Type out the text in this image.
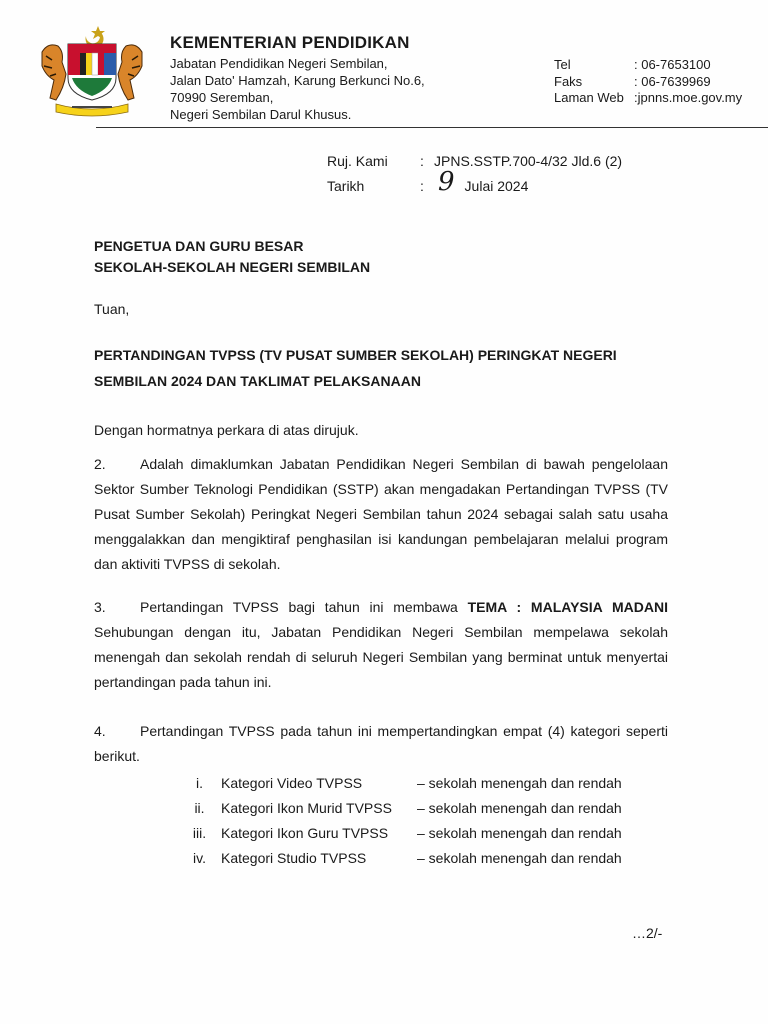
KEMENTERIAN PENDIDIKAN
Jabatan Pendidikan Negeri Sembilan,
Jalan Dato' Hamzah, Karung Berkunci No.6,
70990 Seremban,
Negeri Sembilan Darul Khusus.
Tel	: 06-7653100
Faks	: 06-7639969
Laman Web :jpnns.moe.gov.my
Ruj. Kami	: JPNS.SSTP.700-4/32 Jld.6 (2)
Tarikh	: 9 Julai 2024
PENGETUA DAN GURU BESAR
SEKOLAH-SEKOLAH NEGERI SEMBILAN
Tuan,
PERTANDINGAN TVPSS (TV PUSAT SUMBER SEKOLAH) PERINGKAT NEGERI SEMBILAN 2024 DAN TAKLIMAT PELAKSANAAN
Dengan hormatnya perkara di atas dirujuk.
2. Adalah dimaklumkan Jabatan Pendidikan Negeri Sembilan di bawah pengelolaan Sektor Sumber Teknologi Pendidikan (SSTP) akan mengadakan Pertandingan TVPSS (TV Pusat Sumber Sekolah) Peringkat Negeri Sembilan tahun 2024 sebagai salah satu usaha menggalakkan dan mengiktiraf penghasilan isi kandungan pembelajaran melalui program dan aktiviti TVPSS di sekolah.
3. Pertandingan TVPSS bagi tahun ini membawa TEMA : MALAYSIA MADANI Sehubungan dengan itu, Jabatan Pendidikan Negeri Sembilan mempelawa sekolah menengah dan sekolah rendah di seluruh Negeri Sembilan yang berminat untuk menyertai pertandingan pada tahun ini.
4. Pertandingan TVPSS pada tahun ini mempertandingkan empat (4) kategori seperti berikut.
i.	Kategori Video TVPSS	– sekolah menengah dan rendah
ii.	Kategori Ikon Murid TVPSS	– sekolah menengah dan rendah
iii.	Kategori Ikon Guru TVPSS	– sekolah menengah dan rendah
iv.	Kategori Studio TVPSS	– sekolah menengah dan rendah
…2/-
